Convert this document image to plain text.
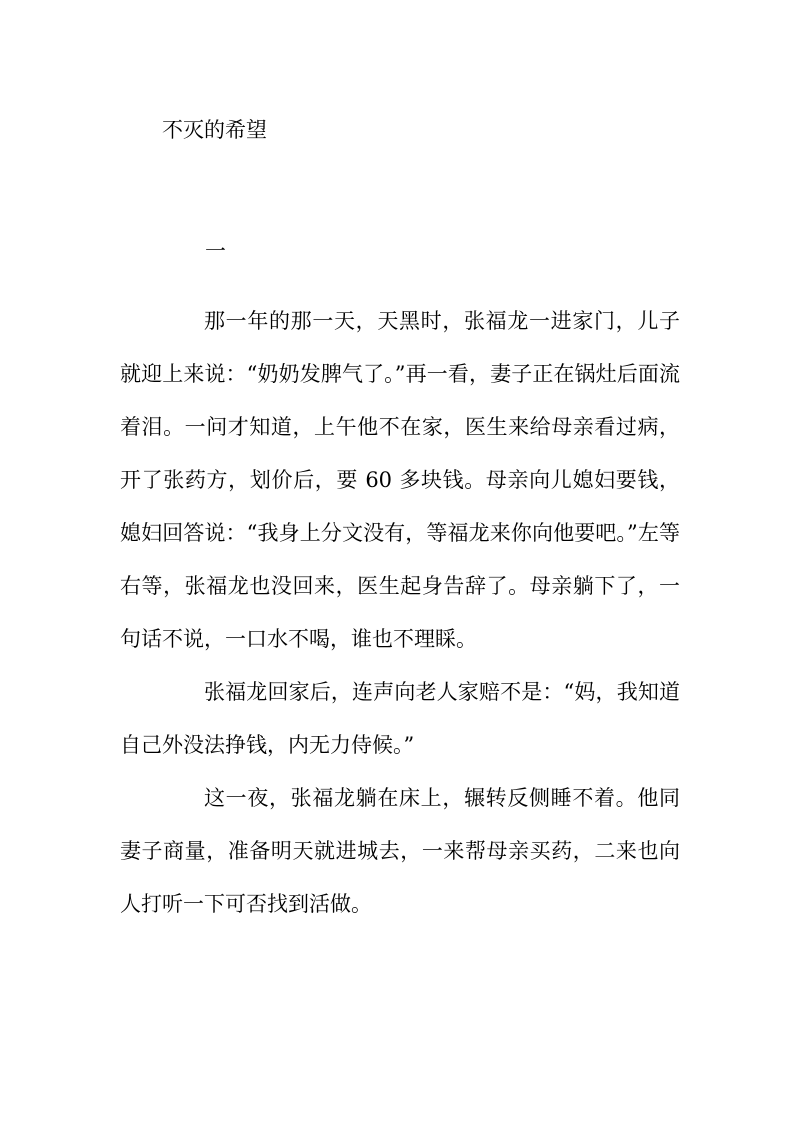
不灭的希望
一

那一年的那一天，天黑时，张福龙一进家门，儿子就迎上来说：“奶奶发脾气了。”再一看，妻子正在锅灶后面流着泪。一问才知道，上午他不在家，医生来给母亲看过病，开了张药方，划价后，要 60 多块钱。母亲向儿媳妇要钱，媳妇回答说：“我身上分文没有，等福龙来你向他要吧。”左等右等，张福龙也没回来，医生起身告辞了。母亲躺下了，一句话不说，一口水不喝，谁也不理睬。

张福龙回家后，连声向老人家赔不是：“妈，我知道自己外没法挣钱，内无力侍候。”

这一夜，张福龙躺在床上，辗转反侧睡不着。他同妻子商量，准备明天就进城去，一来帮母亲买药，二来也向人打听一下可否找到活做。
